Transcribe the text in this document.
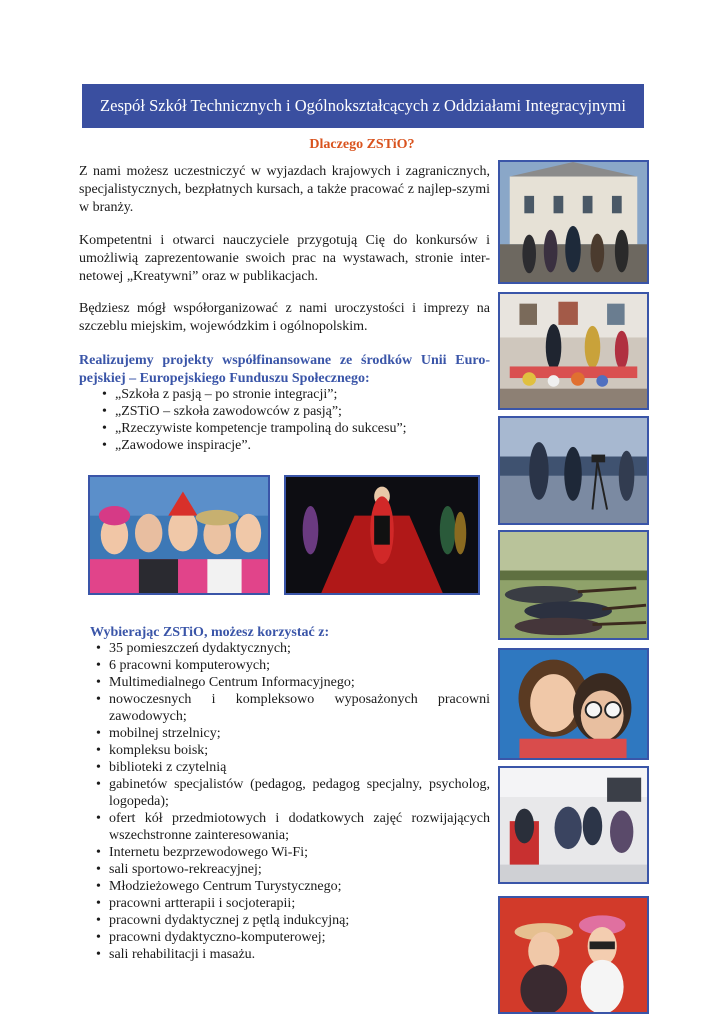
Zespół Szkół Technicznych i Ogólnokształcących z Oddziałami Integracyjnymi
Dlaczego ZSTiO?

Z nami możesz uczestniczyć w wyjazdach krajowych i zagranicznych, specjalistycznych, bezpłatnych kursach, a także pracować z najlep-szymi w branży.

Kompetentni i otwarci nauczyciele przygotują Cię do konkursów i umożliwią zaprezentowanie swoich prac na wystawach, stronie inter-netowej „Kreatywni” oraz w publikacjach.

Będziesz mógł współorganizować z nami uroczystości i imprezy na szczeblu miejskim, wojewódzkim i ogólnopolskim.

Realizujemy projekty współfinansowane ze środków Unii Euro-pejskiej – Europejskiego Funduszu Społecznego:

• „Szkoła z pasją – po stronie integracji”;
• „ZSTiO – szkoła zawodowców z pasją”;
• „Rzeczywiste kompetencje trampoliną do sukcesu”;
• „Zawodowe inspiracje”.

Wybierając ZSTiO, możesz korzystać z:

• 35 pomieszczeń dydaktycznych;
• 6 pracowni komputerowych;
• Multimedialnego Centrum Informacyjnego;
• nowoczesnych i kompleksowo wyposażonych pracowni zawodowych;
• mobilnej strzelnicy;
• kompleksu boisk;
• biblioteki z czytelnią
• gabinetów specjalistów (pedagog, pedagog specjalny, psycholog, logopeda);
• ofert kół przedmiotowych i dodatkowych zajęć rozwijających wszechstronne zainteresowania;
• Internetu bezprzewodowego Wi-Fi;
• sali sportowo-rekreacyjnej;
• Młodzieżowego Centrum Turystycznego;
• pracowni artterapii i socjoterapii;
• pracowni dydaktycznej z pętlą indukcyjną;
• pracowni dydaktyczno-komputerowej;
• sali rehabilitacji i masażu.
